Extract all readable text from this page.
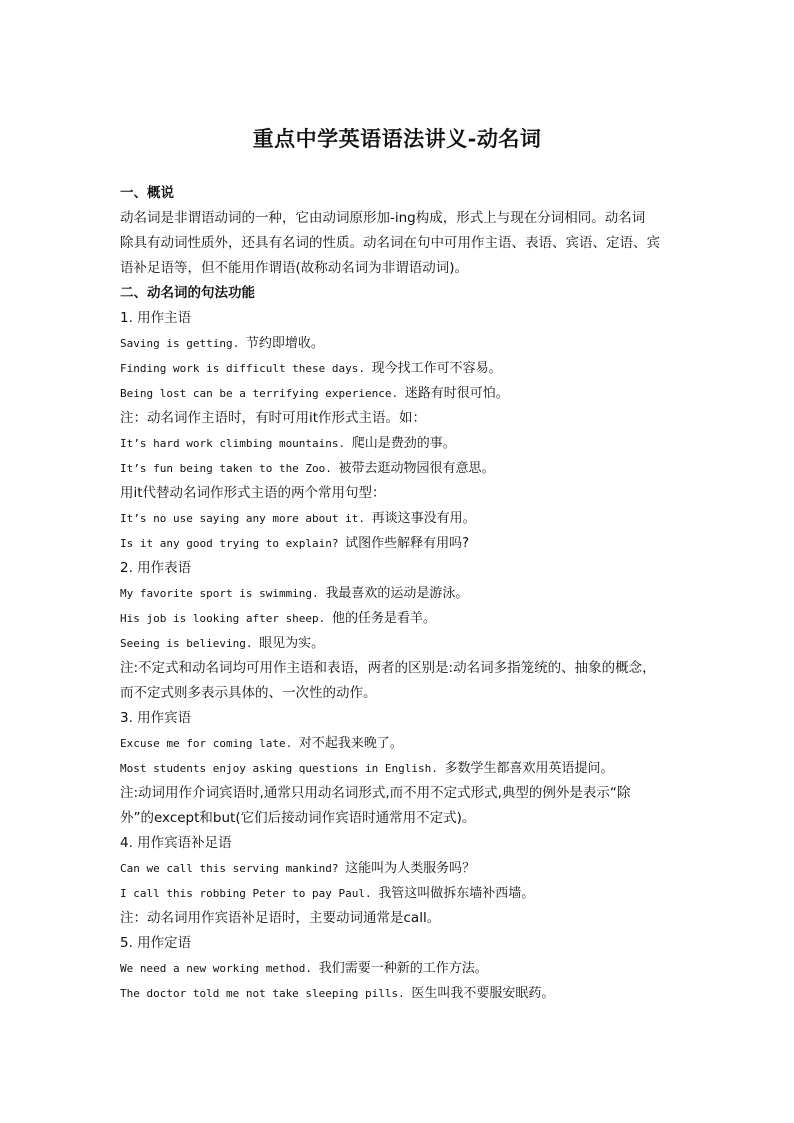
重点中学英语语法讲义-动名词
一、概说
动名词是非谓语动词的一种，它由动词原形加-ing构成，形式上与现在分词相同。动名词
除具有动词性质外，还具有名词的性质。动名词在句中可用作主语、表语、宾语、定语、宾
语补足语等，但不能用作谓语(故称动名词为非谓语动词)。
二、动名词的句法功能
1. 用作主语
Saving is getting. 节约即增收。
Finding work is difficult these days. 现今找工作可不容易。
Being lost can be a terrifying experience. 迷路有时很可怕。
注：动名词作主语时，有时可用it作形式主语。如：
It’s hard work climbing mountains. 爬山是费劲的事。
It’s fun being taken to the Zoo. 被带去逛动物园很有意思。
用it代替动名词作形式主语的两个常用句型：
It’s no use saying any more about it. 再谈这事没有用。
Is it any good trying to explain? 试图作些解释有用吗?
2. 用作表语
My favorite sport is swimming. 我最喜欢的运动是游泳。
His job is looking after sheep. 他的任务是看羊。
Seeing is believing. 眼见为实。
注:不定式和动名词均可用作主语和表语，两者的区别是:动名词多指笼统的、抽象的概念，
而不定式则多表示具体的、一次性的动作。
3. 用作宾语
Excuse me for coming late. 对不起我来晚了。
Most students enjoy asking questions in English. 多数学生都喜欢用英语提问。
注:动词用作介词宾语时,通常只用动名词形式,而不用不定式形式,典型的例外是表示“除
外”的except和but(它们后接动词作宾语时通常用不定式)。
4. 用作宾语补足语
Can we call this serving mankind? 这能叫为人类服务吗？
I call this robbing Peter to pay Paul. 我管这叫做拆东墙补西墙。
注：动名词用作宾语补足语时，主要动词通常是call。
5. 用作定语
We need a new working method. 我们需要一种新的工作方法。
The doctor told me not take sleeping pills. 医生叫我不要服安眠药。
